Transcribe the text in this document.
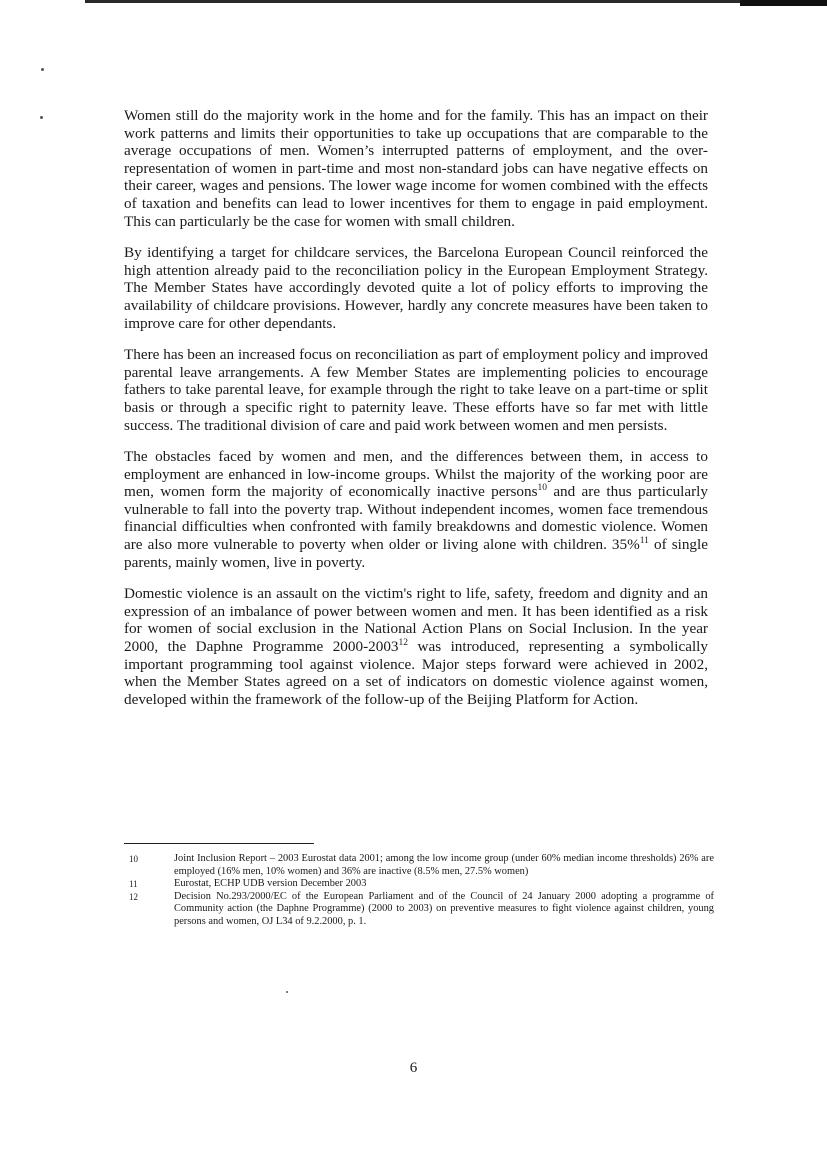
Women still do the majority work in the home and for the family. This has an impact on their work patterns and limits their opportunities to take up occupations that are comparable to the average occupations of men. Women’s interrupted patterns of employment, and the over-representation of women in part-time and most non-standard jobs can have negative effects on their career, wages and pensions. The lower wage income for women combined with the effects of taxation and benefits can lead to lower incentives for them to engage in paid employment. This can particularly be the case for women with small children.

By identifying a target for childcare services, the Barcelona European Council reinforced the high attention already paid to the reconciliation policy in the European Employment Strategy. The Member States have accordingly devoted quite a lot of policy efforts to improving the availability of childcare provisions. However, hardly any concrete measures have been taken to improve care for other dependants.

There has been an increased focus on reconciliation as part of employment policy and improved parental leave arrangements. A few Member States are implementing policies to encourage fathers to take parental leave, for example through the right to take leave on a part-time or split basis or through a specific right to paternity leave. These efforts have so far met with little success. The traditional division of care and paid work between women and men persists.

The obstacles faced by women and men, and the differences between them, in access to employment are enhanced in low-income groups. Whilst the majority of the working poor are men, women form the majority of economically inactive persons$^{10}$ and are thus particularly vulnerable to fall into the poverty trap. Without independent incomes, women face tremendous financial difficulties when confronted with family breakdowns and domestic violence. Women are also more vulnerable to poverty when older or living alone with children. 35%$^{11}$ of single parents, mainly women, live in poverty.

Domestic violence is an assault on the victim's right to life, safety, freedom and dignity and an expression of an imbalance of power between women and men. It has been identified as a risk for women of social exclusion in the National Action Plans on Social Inclusion. In the year 2000, the Daphne Programme 2000-2003$^{12}$ was introduced, representing a symbolically important programming tool against violence. Major steps forward were achieved in 2002, when the Member States agreed on a set of indicators on domestic violence against women, developed within the framework of the follow-up of the Beijing Platform for Action.

10	Joint Inclusion Report – 2003 Eurostat data 2001; among the low income group (under 60% median income thresholds) 26% are employed (16% men, 10% women) and 36% are inactive (8.5% men, 27.5% women)
11	Eurostat, ECHP UDB version December 2003
12	Decision No.293/2000/EC of the European Parliament and of the Council of 24 January 2000 adopting a programme of Community action (the Daphne Programme) (2000 to 2003) on preventive measures to fight violence against children, young persons and women, OJ L34 of 9.2.2000, p. 1.
6
